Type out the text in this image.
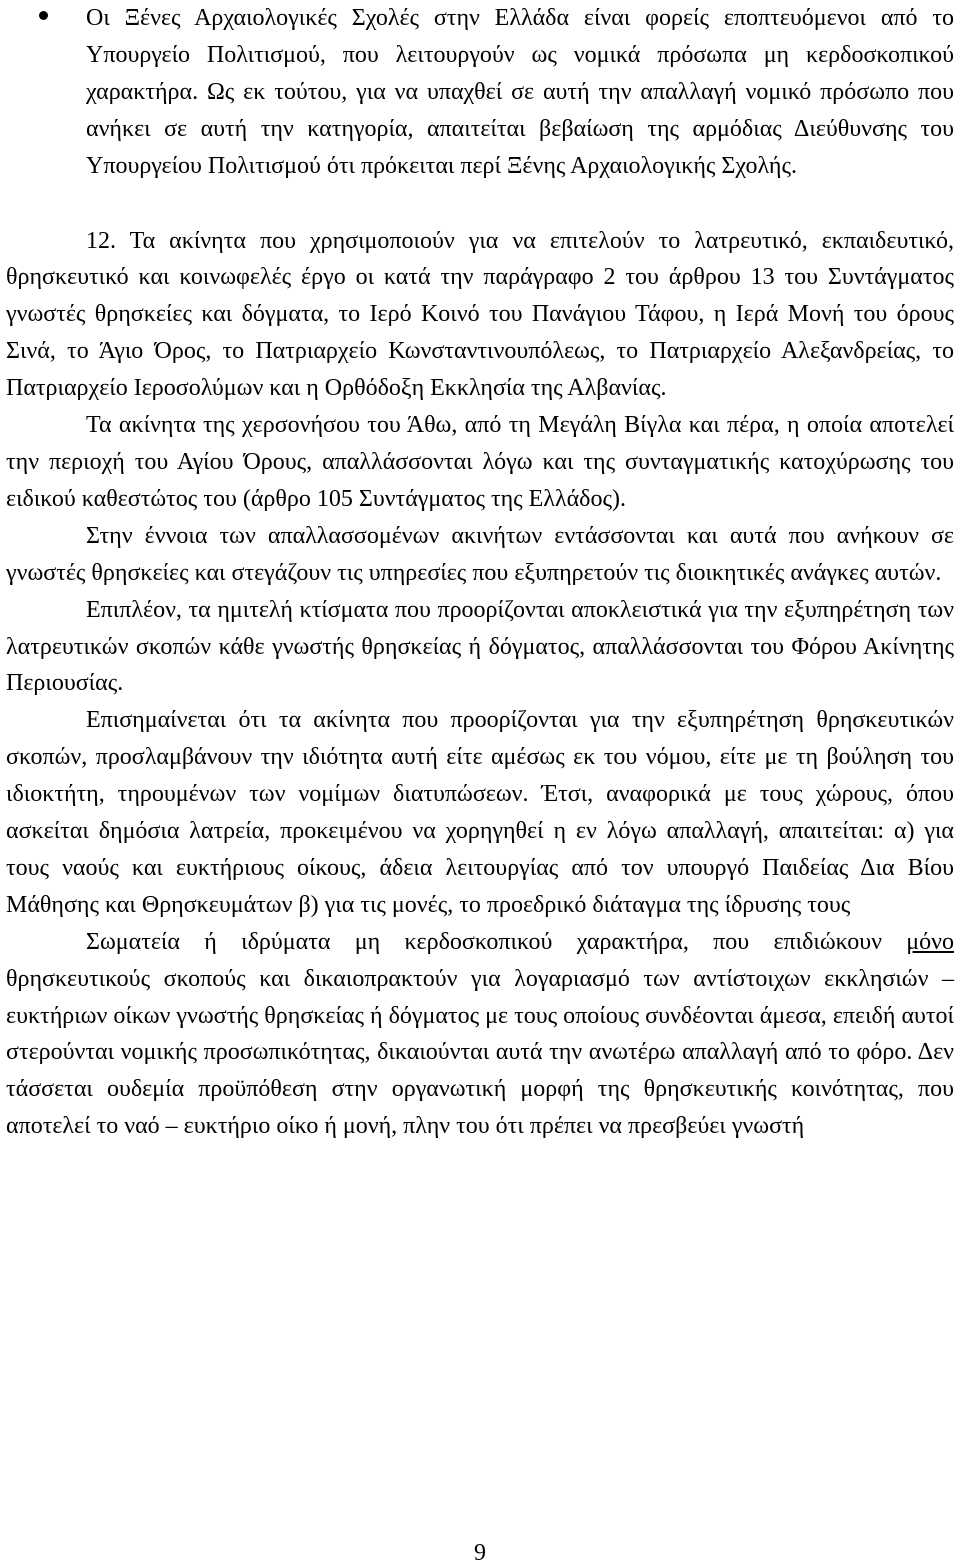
Οι Ξένες Αρχαιολογικές Σχολές στην Ελλάδα είναι φορείς εποπτευόμενοι από το Υπουργείο Πολιτισμού, που λειτουργούν ως νομικά πρόσωπα μη κερδοσκοπικού χαρακτήρα. Ως εκ τούτου, για να υπαχθεί σε αυτή την απαλλαγή νομικό πρόσωπο που ανήκει σε αυτή την κατηγορία, απαιτείται βεβαίωση της αρμόδιας Διεύθυνσης του Υπουργείου Πολιτισμού ότι πρόκειται περί Ξένης Αρχαιολογικής Σχολής.

12. Τα ακίνητα που χρησιμοποιούν για να επιτελούν το λατρευτικό, εκπαιδευτικό, θρησκευτικό και κοινωφελές έργο οι κατά την παράγραφο 2 του άρθρου 13 του Συντάγματος γνωστές θρησκείες και δόγματα, το Ιερό Κοινό του Πανάγιου Τάφου, η Ιερά Μονή του όρους Σινά, το Άγιο Όρος, το Πατριαρχείο Κωνσταντινουπόλεως, το Πατριαρχείο Αλεξανδρείας, το Πατριαρχείο Ιεροσολύμων και η Ορθόδοξη Εκκλησία της Αλβανίας.

Τα ακίνητα της χερσονήσου του Άθω, από τη Μεγάλη Βίγλα και πέρα, η οποία αποτελεί την περιοχή του Αγίου Όρους, απαλλάσσονται λόγω και της συνταγματικής κατοχύρωσης του ειδικού καθεστώτος του (άρθρο 105 Συντάγματος της Ελλάδος).

Στην έννοια των απαλλασσομένων ακινήτων εντάσσονται και αυτά που ανήκουν σε γνωστές θρησκείες και στεγάζουν τις υπηρεσίες που εξυπηρετούν τις διοικητικές ανάγκες αυτών.

Επιπλέον, τα ημιτελή κτίσματα που προορίζονται αποκλειστικά για την εξυπηρέτηση των λατρευτικών σκοπών κάθε γνωστής θρησκείας ή δόγματος, απαλλάσσονται του Φόρου Ακίνητης Περιουσίας.

Επισημαίνεται ότι τα ακίνητα που προορίζονται για την εξυπηρέτηση θρησκευτικών σκοπών, προσλαμβάνουν την ιδιότητα αυτή είτε αμέσως εκ του νόμου, είτε με τη βούληση του ιδιοκτήτη, τηρουμένων των νομίμων διατυπώσεων. Έτσι, αναφορικά με τους χώρους, όπου ασκείται δημόσια λατρεία, προκειμένου να χορηγηθεί η εν λόγω απαλλαγή, απαιτείται: α) για τους ναούς και ευκτήριους οίκους, άδεια λειτουργίας από τον υπουργό Παιδείας Δια Βίου Μάθησης και Θρησκευμάτων β) για τις μονές, το προεδρικό διάταγμα της ίδρυσης τους

Σωματεία ή ιδρύματα μη κερδοσκοπικού χαρακτήρα, που επιδιώκουν μόνο θρησκευτικούς σκοπούς και δικαιοπρακτούν για λογαριασμό των αντίστοιχων εκκλησιών – ευκτήριων οίκων γνωστής θρησκείας ή δόγματος με τους οποίους συνδέονται άμεσα, επειδή αυτοί στερούνται νομικής προσωπικότητας, δικαιούνται αυτά την ανωτέρω απαλλαγή από το φόρο. Δεν τάσσεται ουδεμία προϋπόθεση στην οργανωτική μορφή της θρησκευτικής κοινότητας, που αποτελεί το ναό – ευκτήριο οίκο ή μονή, πλην του ότι πρέπει να πρεσβεύει γνωστή

9
